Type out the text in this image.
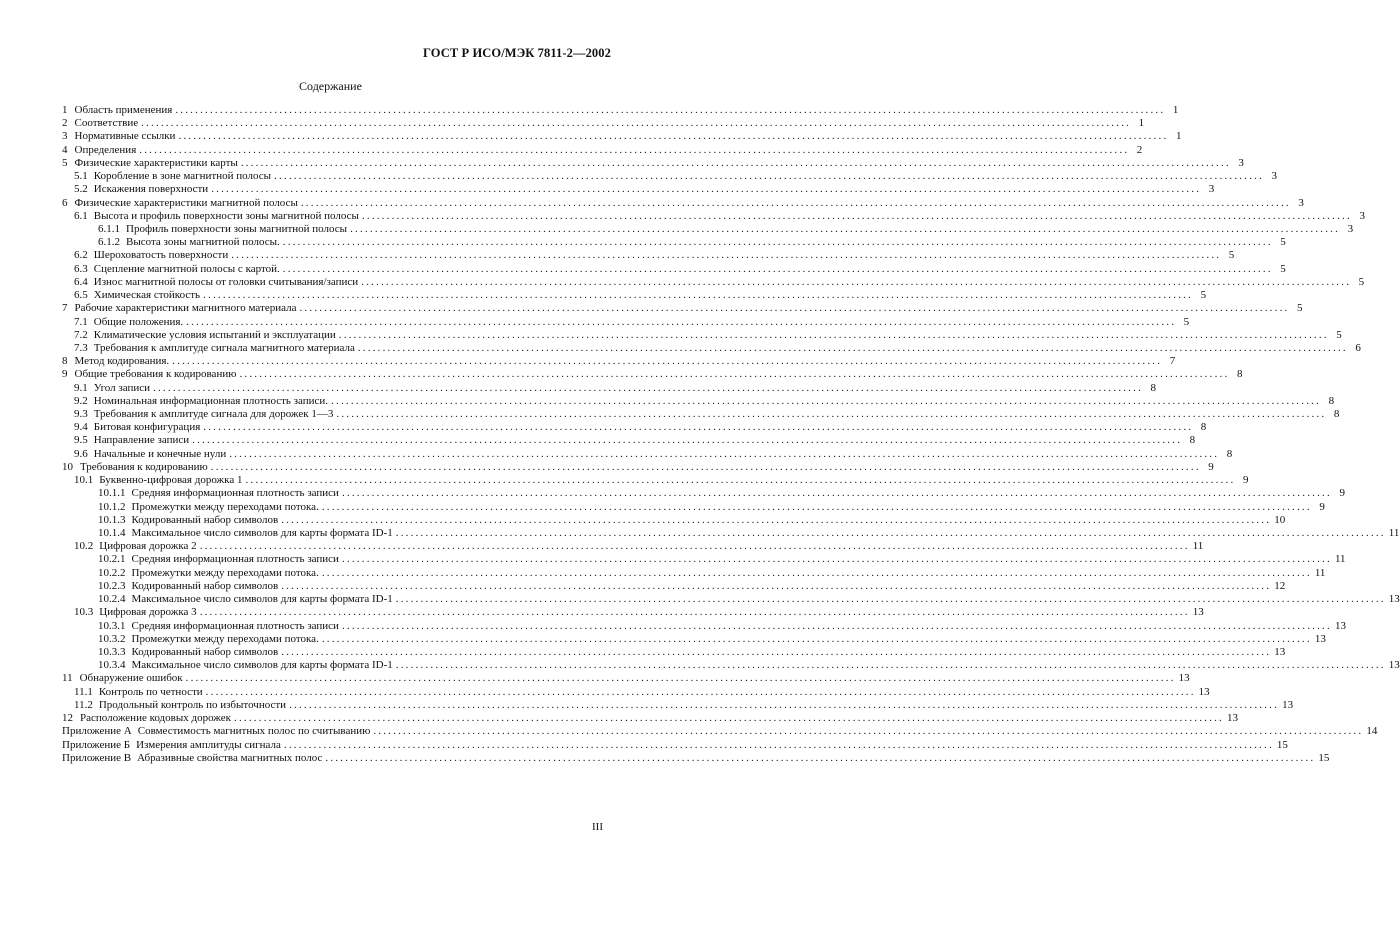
ГОСТ Р ИСО/МЭК 7811-2—2002
Содержание
1 Область применения ........................................................................................................................................................................................................ 1
2 Соответствие ........................................................................................................................................................................................................ 1
3 Нормативные ссылки ........................................................................................................................................................................................................ 1
4 Определения ........................................................................................................................................................................................................ 2
5 Физические характеристики карты ........................................................................................................................................................................................................ 3
5.1 Коробление в зоне магнитной полосы ........................................................................................................................................................................................................ 3
5.2 Искажения поверхности ........................................................................................................................................................................................................ 3
6 Физические характеристики магнитной полосы ........................................................................................................................................................................................................ 3
6.1 Высота и профиль поверхности зоны магнитной полосы ........................................................................................................................................................................................................ 3
6.1.1 Профиль поверхности зоны магнитной полосы ........................................................................................................................................................................................................ 3
6.1.2 Высота зоны магнитной полосы. ........................................................................................................................................................................................................ 5
6.2 Шероховатость поверхности ........................................................................................................................................................................................................ 5
6.3 Сцепление магнитной полосы с картой. ........................................................................................................................................................................................................ 5
6.4 Износ магнитной полосы от головки считывания/записи ........................................................................................................................................................................................................ 5
6.5 Химическая стойкость ........................................................................................................................................................................................................ 5
7 Рабочие характеристики магнитного материала ........................................................................................................................................................................................................ 5
7.1 Общие положения. ........................................................................................................................................................................................................ 5
7.2 Климатические условия испытаний и эксплуатации ........................................................................................................................................................................................................ 5
7.3 Требования к амплитуде сигнала магнитного материала ........................................................................................................................................................................................................ 6
8 Метод кодирования. ........................................................................................................................................................................................................ 7
9 Общие требования к кодированию ........................................................................................................................................................................................................ 8
9.1 Угол записи ........................................................................................................................................................................................................ 8
9.2 Номинальная информационная плотность записи. ........................................................................................................................................................................................................ 8
9.3 Требования к амплитуде сигнала для дорожек 1—3 ........................................................................................................................................................................................................ 8
9.4 Битовая конфигурация ........................................................................................................................................................................................................ 8
9.5 Направление записи ........................................................................................................................................................................................................ 8
9.6 Начальные и конечные нули ........................................................................................................................................................................................................ 8
10 Требования к кодированию ........................................................................................................................................................................................................ 9
10.1 Буквенно-цифровая дорожка 1 ........................................................................................................................................................................................................ 9
10.1.1 Средняя информационная плотность записи ........................................................................................................................................................................................................ 9
10.1.2 Промежутки между переходами потока. ........................................................................................................................................................................................................ 9
10.1.3 Кодированный набор символов ........................................................................................................................................................................................................ 10
10.1.4 Максимальное число символов для карты формата ID-1 ........................................................................................................................................................................................................ 11
10.2 Цифровая дорожка 2 ........................................................................................................................................................................................................ 11
10.2.1 Средняя информационная плотность записи ........................................................................................................................................................................................................ 11
10.2.2 Промежутки между переходами потока. ........................................................................................................................................................................................................ 11
10.2.3 Кодированный набор символов ........................................................................................................................................................................................................ 12
10.2.4 Максимальное число символов для карты формата ID-1 ........................................................................................................................................................................................................ 13
10.3 Цифровая дорожка 3 ........................................................................................................................................................................................................ 13
10.3.1 Средняя информационная плотность записи ........................................................................................................................................................................................................ 13
10.3.2 Промежутки между переходами потока. ........................................................................................................................................................................................................ 13
10.3.3 Кодированный набор символов ........................................................................................................................................................................................................ 13
10.3.4 Максимальное число символов для карты формата ID-1 ........................................................................................................................................................................................................ 13
11 Обнаружение ошибок ........................................................................................................................................................................................................ 13
11.1 Контроль по четности ........................................................................................................................................................................................................ 13
11.2 Продольный контроль по избыточности ........................................................................................................................................................................................................ 13
12 Расположение кодовых дорожек ........................................................................................................................................................................................................ 13
Приложение А Совместимость магнитных полос по считыванию ........................................................................................................................................................................................................ 14
Приложение Б Измерения амплитуды сигнала ........................................................................................................................................................................................................ 15
Приложение В Абразивные свойства магнитных полос ........................................................................................................................................................................................................ 15
III
